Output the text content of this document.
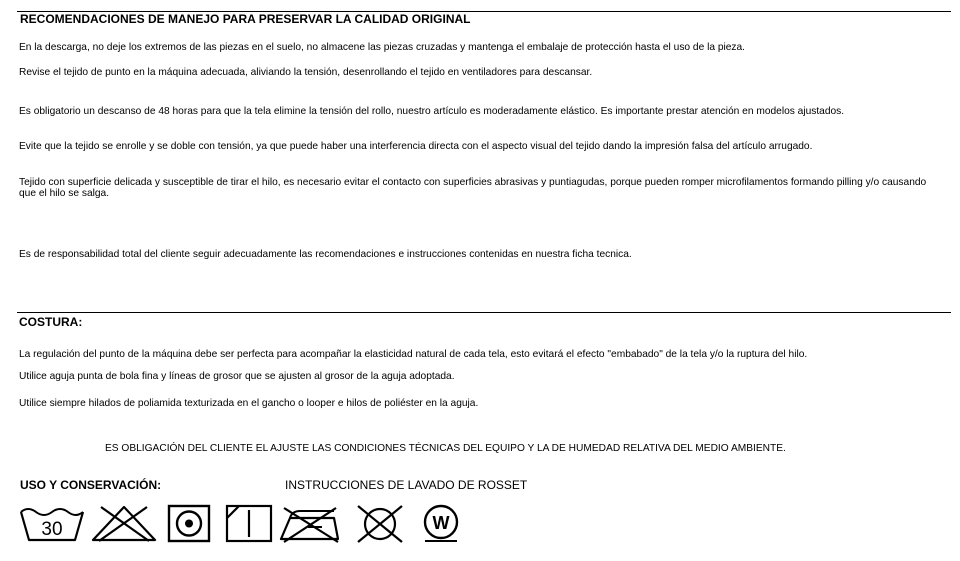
RECOMENDACIONES DE MANEJO PARA PRESERVAR LA CALIDAD ORIGINAL
En la descarga, no deje los extremos de las piezas en el suelo, no almacene las piezas cruzadas y mantenga el embalaje de protección hasta el uso de la pieza.
Revise el tejido de punto en la máquina adecuada, aliviando la tensión, desenrollando el tejido en ventiladores para descansar.
Es obligatorio un descanso de 48 horas para que la tela elimine la tensión del rollo, nuestro artículo es moderadamente elástico. Es importante prestar atención en modelos ajustados.
Evite que la tejido se enrolle y se doble con tensión, ya que puede haber una interferencia directa con el aspecto visual del tejido dando la impresión falsa del artículo arrugado.
Tejido con superficie delicada y susceptible de tirar el hilo, es necesario evitar el contacto con superficies abrasivas y puntiagudas, porque pueden romper microfilamentos formando pilling y/o causando que el hilo se salga.
Es de responsabilidad total del cliente seguir adecuadamente las recomendaciones e instrucciones contenidas en nuestra ficha tecnica.
COSTURA:
La regulación del punto de la máquina debe ser perfecta para acompañar la elasticidad natural de cada tela, esto evitará el efecto "embabado" de la tela y/o la ruptura del hilo.
Utilice aguja punta de bola fina y líneas de grosor que se ajusten al grosor de la aguja adoptada.
Utilice siempre hilados de poliamida texturizada en el gancho o looper e hilos de poliéster en la aguja.
ES OBLIGACIÓN DEL CLIENTE EL AJUSTE LAS CONDICIONES TÉCNICAS DEL EQUIPO Y LA DE HUMEDAD RELATIVA DEL MEDIO AMBIENTE.
USO Y CONSERVACIÓN:	INSTRUCCIONES DE LAVADO DE ROSSET
30	W
